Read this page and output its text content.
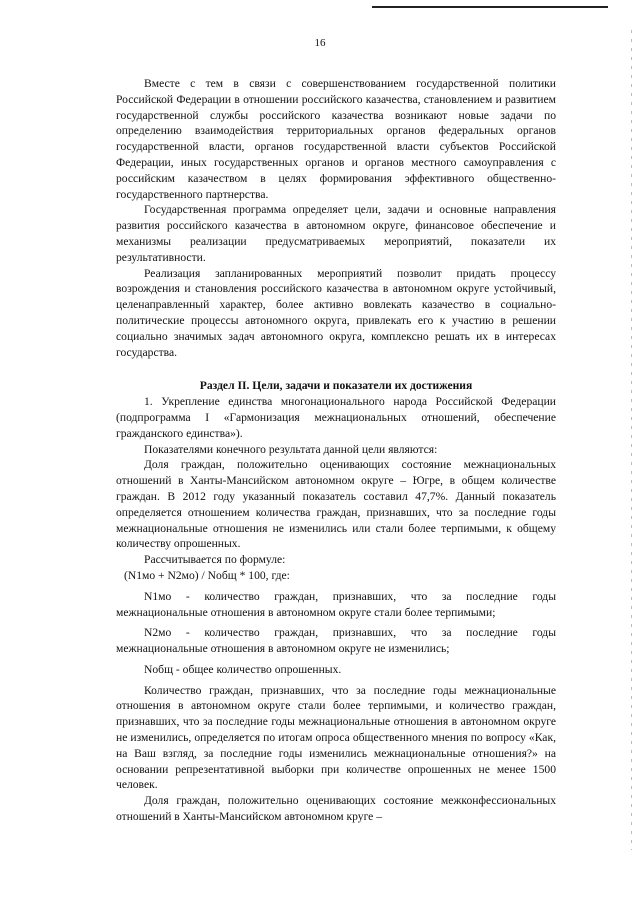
16

Вместе с тем в связи с совершенствованием государственной политики Российской Федерации в отношении российского казачества, становлением и развитием государственной службы российского казачества возникают новые задачи по определению взаимодействия территориальных органов федеральных органов государственной власти, органов государственной власти субъектов Российской Федерации, иных государственных органов и органов местного самоуправления с российским казачеством в целях формирования эффективного общественно-государственного партнерства.

Государственная программа определяет цели, задачи и основные направления развития российского казачества в автономном округе, финансовое обеспечение и механизмы реализации предусматриваемых мероприятий, показатели их результативности.

Реализация запланированных мероприятий позволит придать процессу возрождения и становления российского казачества в автономном округе устойчивый, целенаправленный характер, более активно вовлекать казачество в социально-политические процессы автономного округа, привлекать его к участию в решении социально значимых задач автономного округа, комплексно решать их в интересах государства.

Раздел II. Цели, задачи и показатели их достижения

1. Укрепление единства многонационального народа Российской Федерации (подпрограмма I «Гармонизация межнациональных отношений, обеспечение гражданского единства»).

Показателями конечного результата данной цели являются:

Доля граждан, положительно оценивающих состояние межнациональных отношений в Ханты-Мансийском автономном округе – Югре, в общем количестве граждан. В 2012 году указанный показатель составил 47,7%. Данный показатель определяется отношением количества граждан, признавших, что за последние годы межнациональные отношения не изменились или стали более терпимыми, к общему количеству опрошенных.

Рассчитывается по формуле:

(N1мо + N2мо) / Nобщ * 100, где:

N1мо - количество граждан, признавших, что за последние годы межнациональные отношения в автономном округе стали более терпимыми;

N2мо - количество граждан, признавших, что за последние годы межнациональные отношения в автономном округе не изменились;

Nобщ - общее количество опрошенных.

Количество граждан, признавших, что за последние годы межнациональные отношения в автономном округе стали более терпимыми, и количество граждан, признавших, что за последние годы межнациональные отношения в автономном округе не изменились, определяется по итогам опроса общественного мнения по вопросу «Как, на Ваш взгляд, за последние годы изменились межнациональные отношения?» на основании репрезентативной выборки при количестве опрошенных не менее 1500 человек.

Доля граждан, положительно оценивающих состояние межконфессиональных отношений в Ханты-Мансийском автономном круге –
